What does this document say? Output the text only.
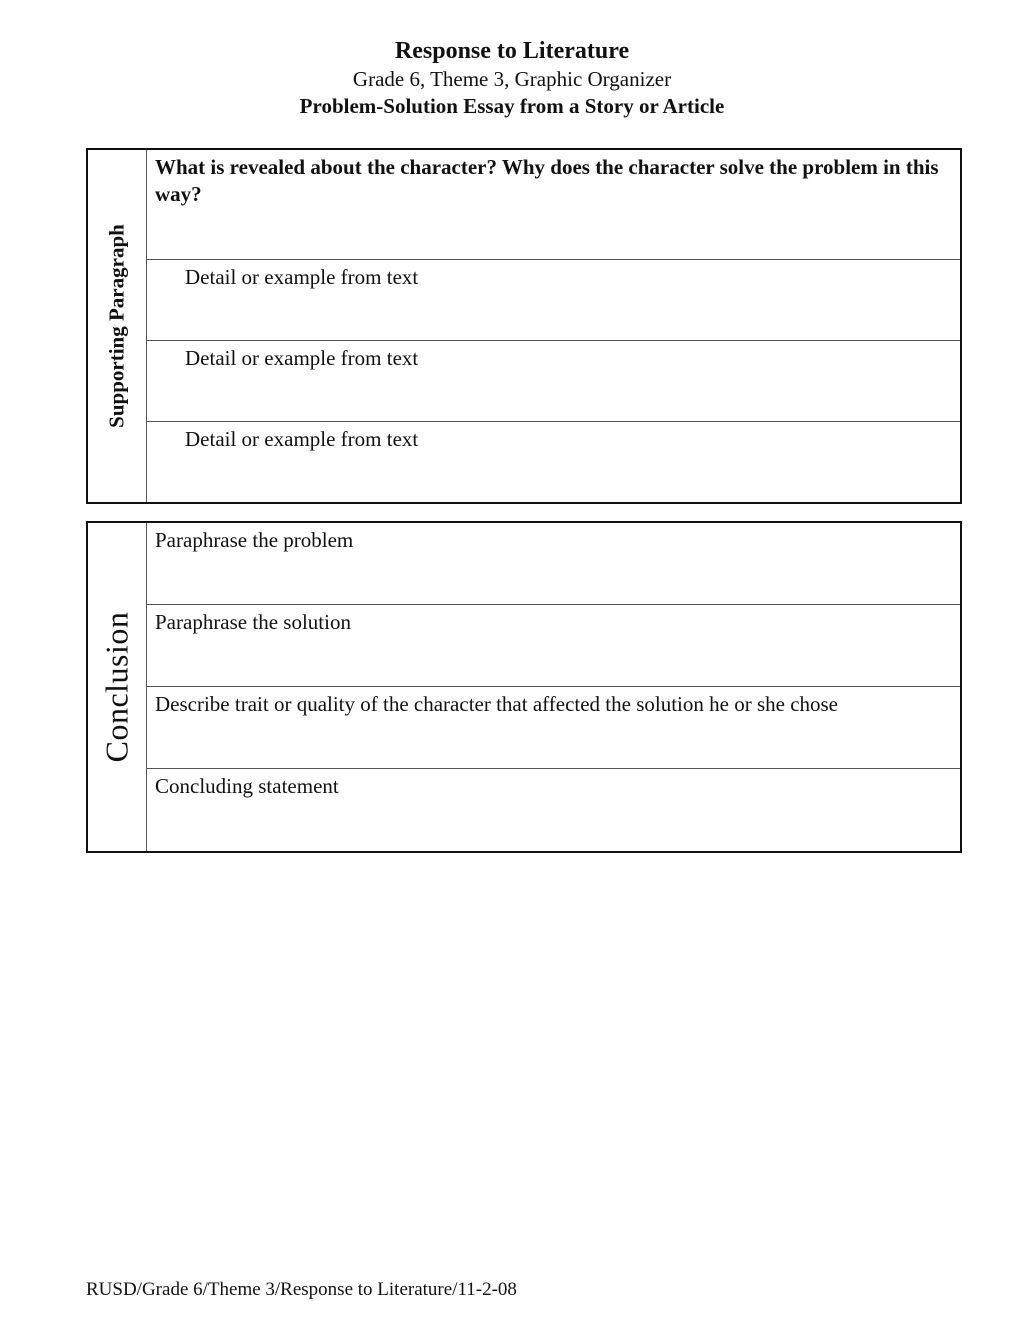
Response to Literature
Grade 6, Theme 3, Graphic Organizer
Problem-Solution Essay from a Story or Article
Supporting Paragraph
What is revealed about the character? Why does the character solve the problem in this way?
Detail or example from text
Detail or example from text
Detail or example from text
Conclusion
Paraphrase the problem
Paraphrase the solution
Describe trait or quality of the character that affected the solution he or she chose
Concluding statement
RUSD/Grade 6/Theme 3/Response to Literature/11-2-08
